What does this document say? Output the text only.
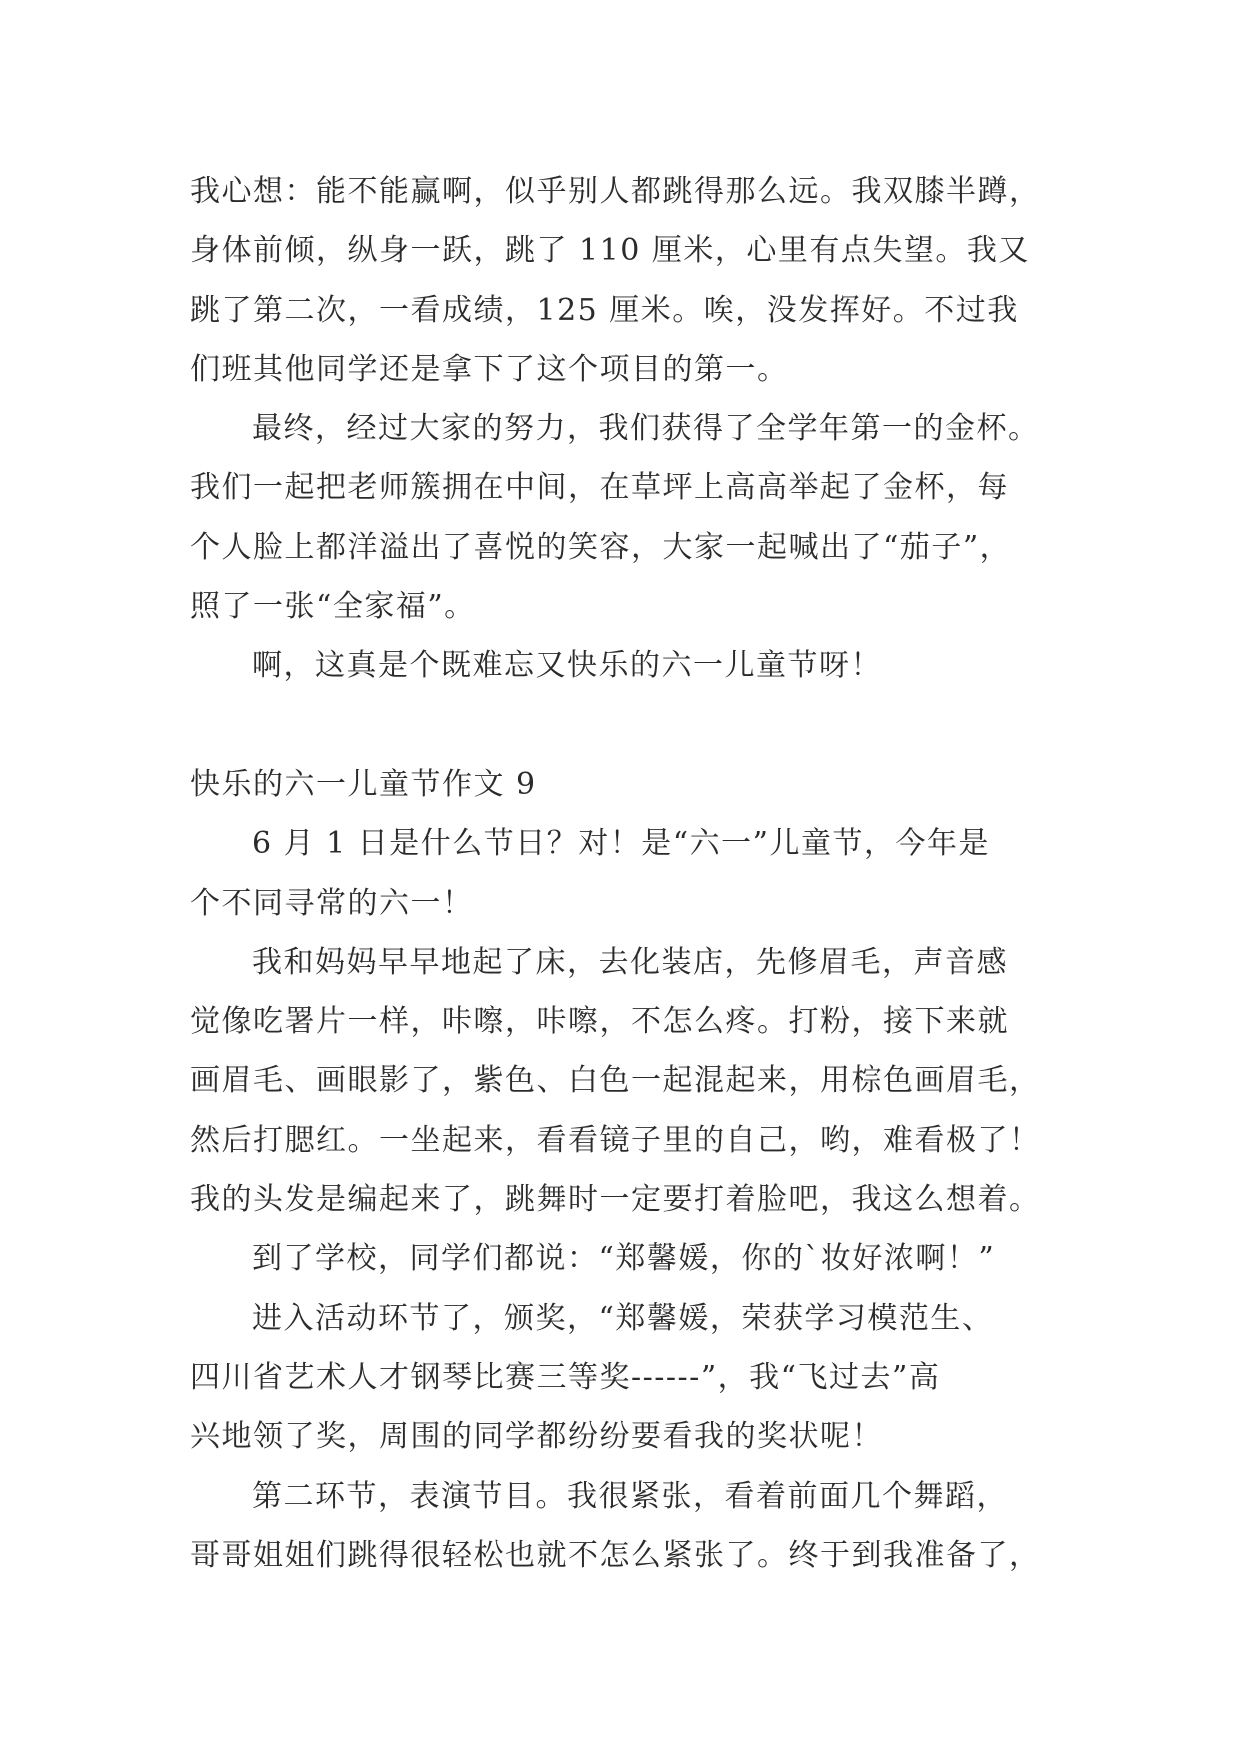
我心想：能不能赢啊，似乎别人都跳得那么远。我双膝半蹲，
身体前倾，纵身一跃，跳了 110 厘米，心里有点失望。我又
跳了第二次，一看成绩，125 厘米。唉，没发挥好。不过我
们班其他同学还是拿下了这个项目的第一。

最终，经过大家的努力，我们获得了全学年第一的金杯。
我们一起把老师簇拥在中间，在草坪上高高举起了金杯，每
个人脸上都洋溢出了喜悦的笑容，大家一起喊出了“茄子”，
照了一张“全家福”。

啊，这真是个既难忘又快乐的六一儿童节呀！

快乐的六一儿童节作文 9

6 月 1 日是什么节日？对！是“六一”儿童节，今年是
个不同寻常的六一！

我和妈妈早早地起了床，去化装店，先修眉毛，声音感
觉像吃署片一样，咔嚓，咔嚓，不怎么疼。打粉，接下来就
画眉毛、画眼影了，紫色、白色一起混起来，用棕色画眉毛，
然后打腮红。一坐起来，看看镜子里的自己，哟，难看极了！
我的头发是编起来了，跳舞时一定要打着脸吧，我这么想着。

到了学校，同学们都说：“郑馨媛，你的`妆好浓啊！”

进入活动环节了，颁奖，“郑馨媛，荣获学习模范生、
四川省艺术人才钢琴比赛三等奖------”，我“飞过去”高
兴地领了奖，周围的同学都纷纷要看我的奖状呢！

第二环节，表演节目。我很紧张，看着前面几个舞蹈，
哥哥姐姐们跳得很轻松也就不怎么紧张了。终于到我准备了，
